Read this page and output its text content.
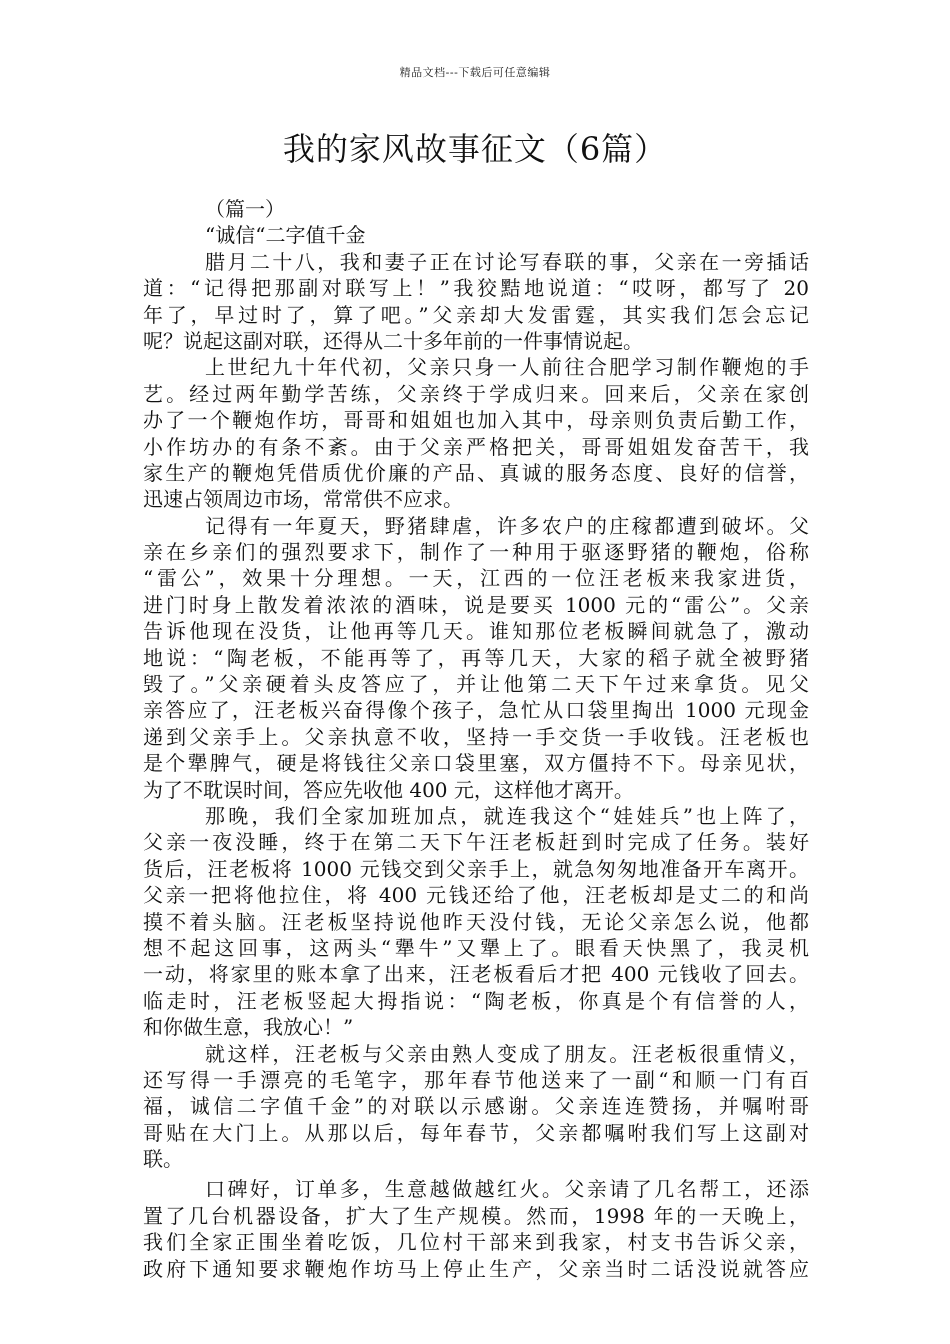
精品文档---下载后可任意编辑
我的家风故事征文（6篇）
（篇一）
“诚信“二字值千金
腊月二十八，我和妻子正在讨论写春联的事，父亲在一旁插话
道：“记得把那副对联写上！”我狡黠地说道：“哎呀，都写了 20
年了，早过时了，算了吧。”父亲却大发雷霆，其实我们怎会忘记
呢？说起这副对联，还得从二十多年前的一件事情说起。
上世纪九十年代初，父亲只身一人前往合肥学习制作鞭炮的手
艺。经过两年勤学苦练，父亲终于学成归来。回来后，父亲在家创
办了一个鞭炮作坊，哥哥和姐姐也加入其中，母亲则负责后勤工作，
小作坊办的有条不紊。由于父亲严格把关，哥哥姐姐发奋苦干，我
家生产的鞭炮凭借质优价廉的产品、真诚的服务态度、良好的信誉，
迅速占领周边市场，常常供不应求。
记得有一年夏天，野猪肆虐，许多农户的庄稼都遭到破坏。父
亲在乡亲们的强烈要求下，制作了一种用于驱逐野猪的鞭炮，俗称
“雷公”，效果十分理想。一天，江西的一位汪老板来我家进货，
进门时身上散发着浓浓的酒味，说是要买 1000 元的“雷公”。父亲
告诉他现在没货，让他再等几天。谁知那位老板瞬间就急了，激动
地说：“陶老板，不能再等了，再等几天，大家的稻子就全被野猪
毁了。”父亲硬着头皮答应了，并让他第二天下午过来拿货。见父
亲答应了，汪老板兴奋得像个孩子，急忙从口袋里掏出 1000 元现金
递到父亲手上。父亲执意不收，坚持一手交货一手收钱。汪老板也
是个犟脾气，硬是将钱往父亲口袋里塞，双方僵持不下。母亲见状，
为了不耽误时间，答应先收他 400 元，这样他才离开。
那晚，我们全家加班加点，就连我这个“娃娃兵”也上阵了，
父亲一夜没睡，终于在第二天下午汪老板赶到时完成了任务。装好
货后，汪老板将 1000 元钱交到父亲手上，就急匆匆地准备开车离开。
父亲一把将他拉住，将 400 元钱还给了他，汪老板却是丈二的和尚
摸不着头脑。汪老板坚持说他昨天没付钱，无论父亲怎么说，他都
想不起这回事，这两头“犟牛”又犟上了。眼看天快黑了，我灵机
一动，将家里的账本拿了出来，汪老板看后才把 400 元钱收了回去。
临走时，汪老板竖起大拇指说：“陶老板，你真是个有信誉的人，
和你做生意，我放心！”
就这样，汪老板与父亲由熟人变成了朋友。汪老板很重情义，
还写得一手漂亮的毛笔字，那年春节他送来了一副“和顺一门有百
福，诚信二字值千金”的对联以示感谢。父亲连连赞扬，并嘱咐哥
哥贴在大门上。从那以后，每年春节，父亲都嘱咐我们写上这副对
联。
口碑好，订单多，生意越做越红火。父亲请了几名帮工，还添
置了几台机器设备，扩大了生产规模。然而，1998 年的一天晚上，
我们全家正围坐着吃饭，几位村干部来到我家，村支书告诉父亲，
政府下通知要求鞭炮作坊马上停止生产，父亲当时二话没说就答应
